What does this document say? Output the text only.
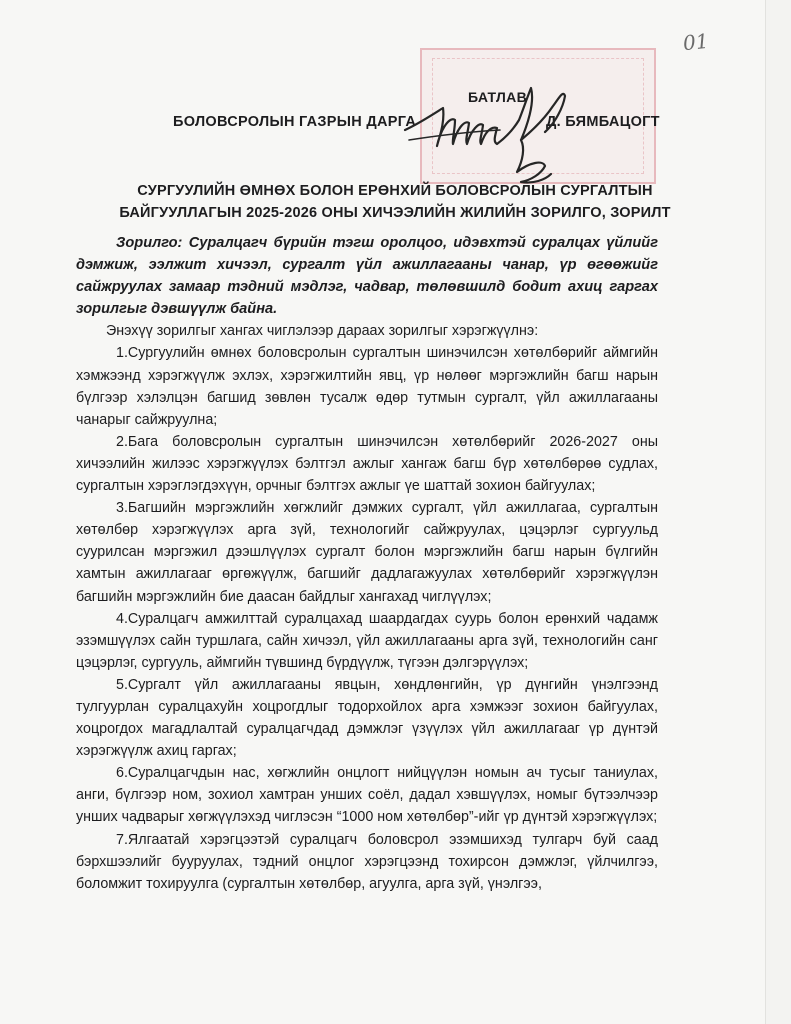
01
БАТЛАВ
БОЛОВСРОЛЫН ГАЗРЫН ДАРГА	Д. БЯМБАЦОГТ
СУРГУУЛИЙН ӨМНӨХ БОЛОН ЕРӨНХИЙ БОЛОВСРОЛЫН СУРГАЛТЫН
БАЙГУУЛЛАГЫН 2025-2026 ОНЫ ХИЧЭЭЛИЙН ЖИЛИЙН ЗОРИЛГО, ЗОРИЛТ

Зорилго: Суралцагч бүрийн тэгш оролцоо, идэвхтэй суралцах үйлийг дэмжиж, ээлжит хичээл, сургалт үйл ажиллагааны чанар, үр өгөөжийг сайжруулах замаар тэдний мэдлэг, чадвар, төлөвшилд бодит ахиц гаргах зорилгыг дэвшүүлж байна.

Энэхүү зорилгыг хангах чиглэлээр дараах зорилгыг хэрэгжүүлнэ:

1.Сургуулийн өмнөх боловсролын сургалтын шинэчилсэн хөтөлбөрийг аймгийн хэмжээнд хэрэгжүүлж эхлэх, хэрэгжилтийн явц, үр нөлөөг мэргэжлийн багш нарын бүлгээр хэлэлцэн багшид зөвлөн тусалж өдөр тутмын сургалт, үйл ажиллагааны чанарыг сайжруулна;

2.Бага боловсролын сургалтын шинэчилсэн хөтөлбөрийг 2026-2027 оны хичээлийн жилээс хэрэгжүүлэх бэлтгэл ажлыг хангаж багш бүр хөтөлбөрөө судлах, сургалтын хэрэглэгдэхүүн, орчныг бэлтгэх ажлыг үе шаттай зохион байгуулах;

3.Багшийн мэргэжлийн хөгжлийг дэмжих сургалт, үйл ажиллагаа, сургалтын хөтөлбөр хэрэгжүүлэх арга зүй, технологийг сайжруулах, цэцэрлэг сургуульд суурилсан мэргэжил дээшлүүлэх сургалт болон мэргэжлийн багш нарын бүлгийн хамтын ажиллагааг өргөжүүлж, багшийг дадлагажуулах хөтөлбөрийг хэрэгжүүлэн багшийн мэргэжлийн бие даасан байдлыг хангахад чиглүүлэх;

4.Суралцагч амжилттай суралцахад шаардагдах суурь болон ерөнхий чадамж эзэмшүүлэх сайн туршлага, сайн хичээл, үйл ажиллагааны арга зүй, технологийн санг цэцэрлэг, сургууль, аймгийн түвшинд бүрдүүлж, түгээн дэлгэрүүлэх;

5.Сургалт үйл ажиллагааны явцын, хөндлөнгийн, үр дүнгийн үнэлгээнд тулгуурлан суралцахуйн хоцрогдлыг тодорхойлох арга хэмжээг зохион байгуулах, хоцрогдох магадлалтай суралцагчдад дэмжлэг үзүүлэх үйл ажиллагааг үр дүнтэй хэрэгжүүлж ахиц гаргах;

6.Суралцагчдын нас, хөгжлийн онцлогт нийцүүлэн номын ач тусыг таниулах, анги, бүлгээр ном, зохиол хамтран унших соёл, дадал хэвшүүлэх, номыг бүтээлчээр унших чадварыг хөгжүүлэхэд чиглэсэн “1000 ном хөтөлбөр”-ийг үр дүнтэй хэрэгжүүлэх;

7.Ялгаатай хэрэгцээтэй суралцагч боловсрол эзэмшихэд тулгарч буй саад бэрхшээлийг бууруулах, тэдний онцлог хэрэгцээнд тохирсон дэмжлэг, үйлчилгээ, боломжит тохируулга (сургалтын хөтөлбөр, агуулга, арга зүй, үнэлгээ,
